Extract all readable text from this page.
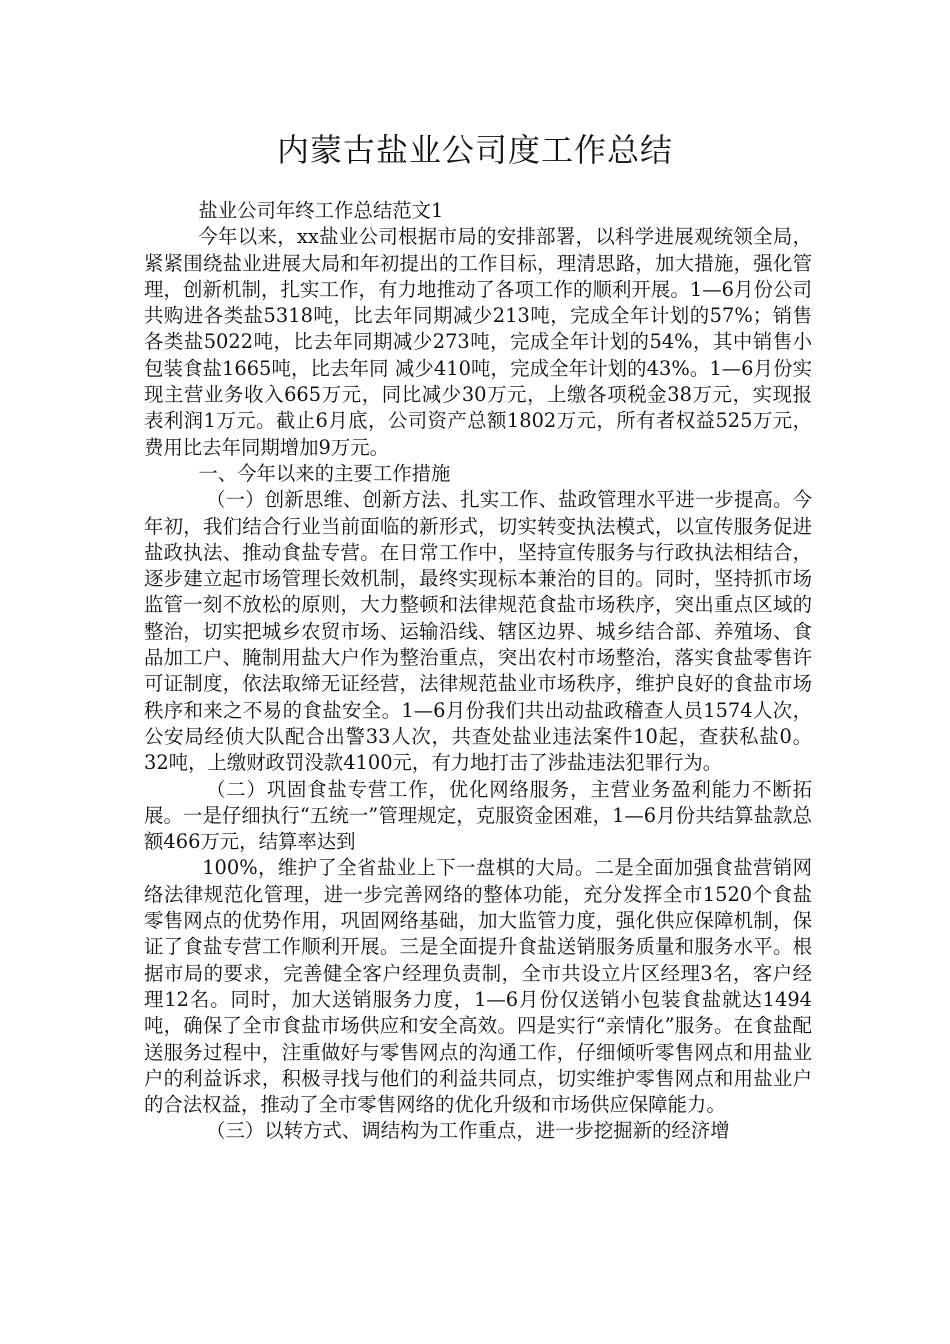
内蒙古盐业公司度工作总结

盐业公司年终工作总结范文1

今年以来，xx盐业公司根据市局的安排部署，以科学进展观统领全局，紧紧围绕盐业进展大局和年初提出的工作目标，理清思路，加大措施，强化管理，创新机制，扎实工作，有力地推动了各项工作的顺利开展。1—6月份公司共购进各类盐5318吨，比去年同期减少213吨，完成全年计划的57%；销售各类盐5022吨，比去年同期减少273吨，完成全年计划的54%，其中销售小包装食盐1665吨，比去年同 减少410吨，完成全年计划的43%。1—6月份实现主营业务收入665万元，同比减少30万元，上缴各项税金38万元，实现报表利润1万元。截止6月底，公司资产总额1802万元，所有者权益525万元，费用比去年同期增加9万元。

一、今年以来的主要工作措施

（一）创新思维、创新方法、扎实工作、盐政管理水平进一步提高。今年初，我们结合行业当前面临的新形式，切实转变执法模式，以宣传服务促进盐政执法、推动食盐专营。在日常工作中，坚持宣传服务与行政执法相结合，逐步建立起市场管理长效机制，最终实现标本兼治的目的。同时，坚持抓市场监管一刻不放松的原则，大力整顿和法律规范食盐市场秩序，突出重点区域的整治，切实把城乡农贸市场、运输沿线、辖区边界、城乡结合部、养殖场、食品加工户、腌制用盐大户作为整治重点，突出农村市场整治，落实食盐零售许可证制度，依法取缔无证经营，法律规范盐业市场秩序，维护良好的食盐市场秩序和来之不易的食盐安全。1—6月份我们共出动盐政稽查人员1574人次，公安局经侦大队配合出警33人次，共查处盐业违法案件10起，查获私盐0。32吨，上缴财政罚没款4100元，有力地打击了涉盐违法犯罪行为。

（二）巩固食盐专营工作，优化网络服务，主营业务盈利能力不断拓展。一是仔细执行“五统一”管理规定，克服资金困难，1—6月份共结算盐款总额466万元，结算率达到

100%，维护了全省盐业上下一盘棋的大局。二是全面加强食盐营销网络法律规范化管理，进一步完善网络的整体功能，充分发挥全市1520个食盐零售网点的优势作用，巩固网络基础，加大监管力度，强化供应保障机制，保证了食盐专营工作顺利开展。三是全面提升食盐送销服务质量和服务水平。根据市局的要求，完善健全客户经理负责制，全市共设立片区经理3名，客户经理12名。同时，加大送销服务力度，1—6月份仅送销小包装食盐就达1494吨，确保了全市食盐市场供应和安全高效。四是实行“亲情化”服务。在食盐配送服务过程中，注重做好与零售网点的沟通工作，仔细倾听零售网点和用盐业户的利益诉求，积极寻找与他们的利益共同点，切实维护零售网点和用盐业户的合法权益，推动了全市零售网络的优化升级和市场供应保障能力。

（三）以转方式、调结构为工作重点，进一步挖掘新的经济增
